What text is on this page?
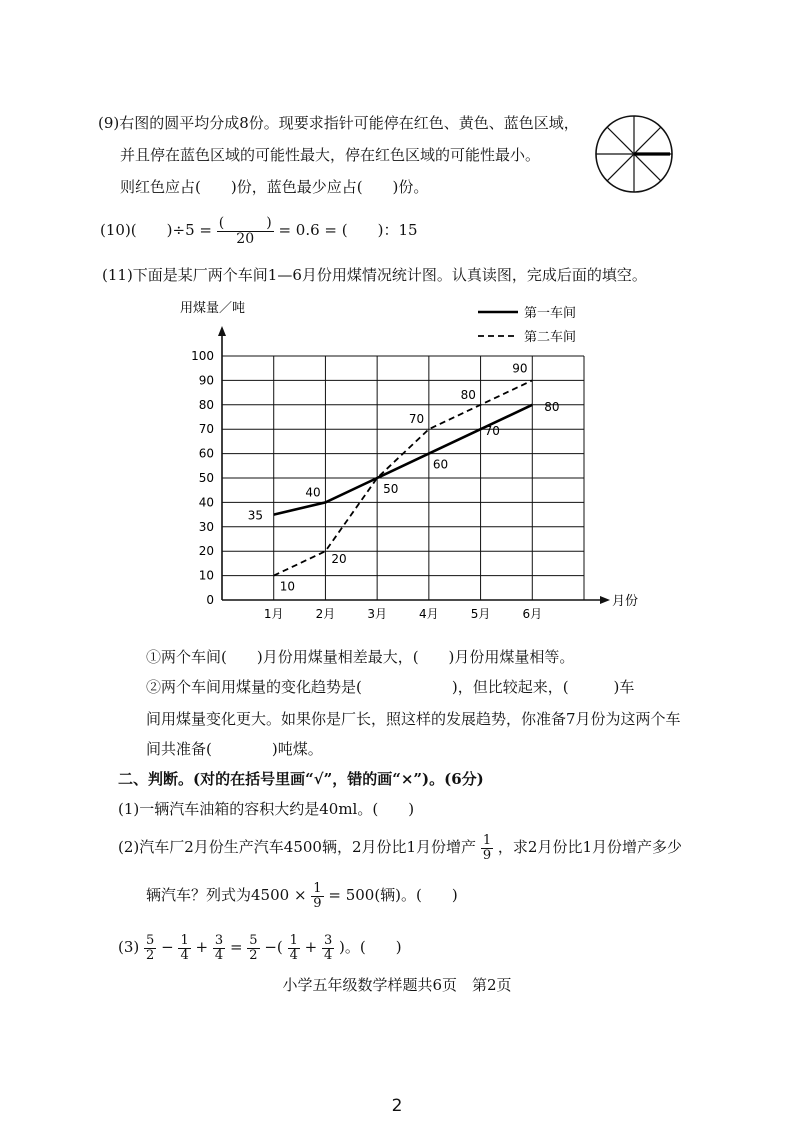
(9)右图的圆平均分成8份。现要求指针可能停在红色、黄色、蓝色区域，
并且停在蓝色区域的可能性最大，停在红色区域的可能性最小。
则红色应占(　　)份，蓝色最少应占(　　)份。
(10)(　　)$\div 5 = \frac{( )}{20} = 0.6$ = (　　)：15
(11)下面是某厂两个车间1—6月份用煤情况统计图。认真读图，完成后面的填空。
用煤量／吨
月份
0
10
20
30
40
50
60
70
80
90
100
1月	2月	3月	4月	5月	6月
35
40	50
60
70
80
10
20
70
80
90
第一车间
第二车间
①两个车间(　　)月份用煤量相差最大，(　　)月份用煤量相等。
②两个车间用煤量的变化趋势是(　　　　　　)，但比较起来，(　　　)车
间用煤量变化更大。如果你是厂长，照这样的发展趋势，你准备7月份为这两个车
间共准备(　　　　)吨煤。
二、判断。(对的在括号里画“√”，错的画“×”)。(6分)
(1)一辆汽车油箱的容积大约是40ml。(　　)
(2)汽车厂2月份生产汽车4500辆，2月份比1月份增产 $\frac{1}{9}$ ，求2月份比1月份增产多少
辆汽车？列式为$4500 \times \frac{1}{9} = 500$(辆)。(　　)
$(3) \frac{5}{2} - \frac{1}{4} + \frac{3}{4} = \frac{5}{2}$ −( $\frac{1}{4} + \frac{3}{4}$ )。(　　)
小学五年级数学样题共6页　第2页
2
